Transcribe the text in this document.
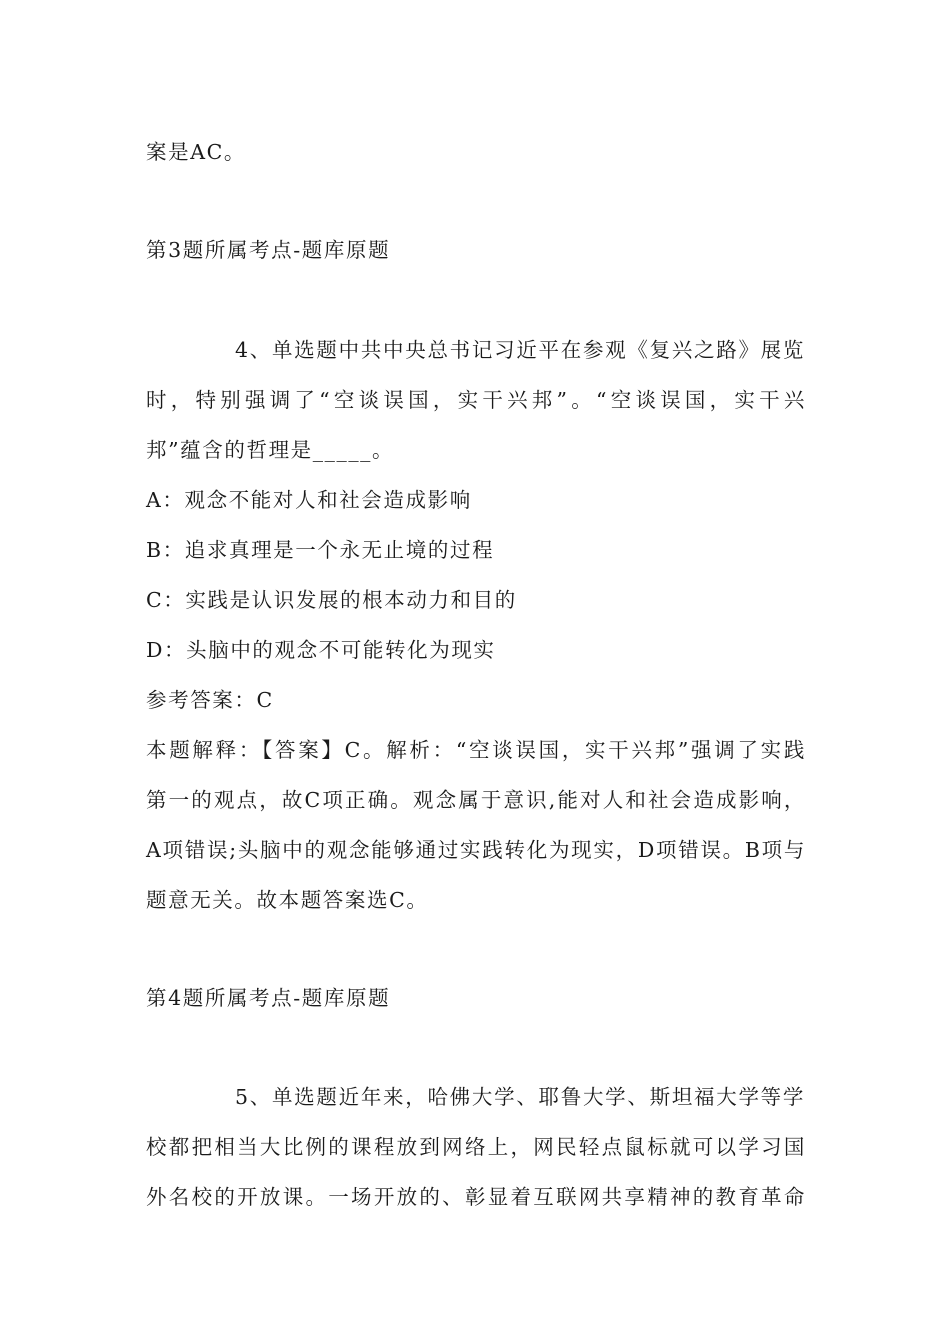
案是AC。
第3题所属考点-题库原题
4、单选题中共中央总书记习近平在参观《复兴之路》展览
时，特别强调了“空谈误国，实干兴邦”。“空谈误国，实干兴
邦”蕴含的哲理是_____。
A：观念不能对人和社会造成影响
B：追求真理是一个永无止境的过程
C：实践是认识发展的根本动力和目的
D：头脑中的观念不可能转化为现实
参考答案：C
本题解释：【答案】C。解析：“空谈误国，实干兴邦”强调了实践
第一的观点，故C项正确。观念属于意识,能对人和社会造成影响，
A项错误;头脑中的观念能够通过实践转化为现实，D项错误。B项与
题意无关。故本题答案选C。
第4题所属考点-题库原题
5、单选题近年来，哈佛大学、耶鲁大学、斯坦福大学等学
校都把相当大比例的课程放到网络上，网民轻点鼠标就可以学习国
外名校的开放课。一场开放的、彰显着互联网共享精神的教育革命
